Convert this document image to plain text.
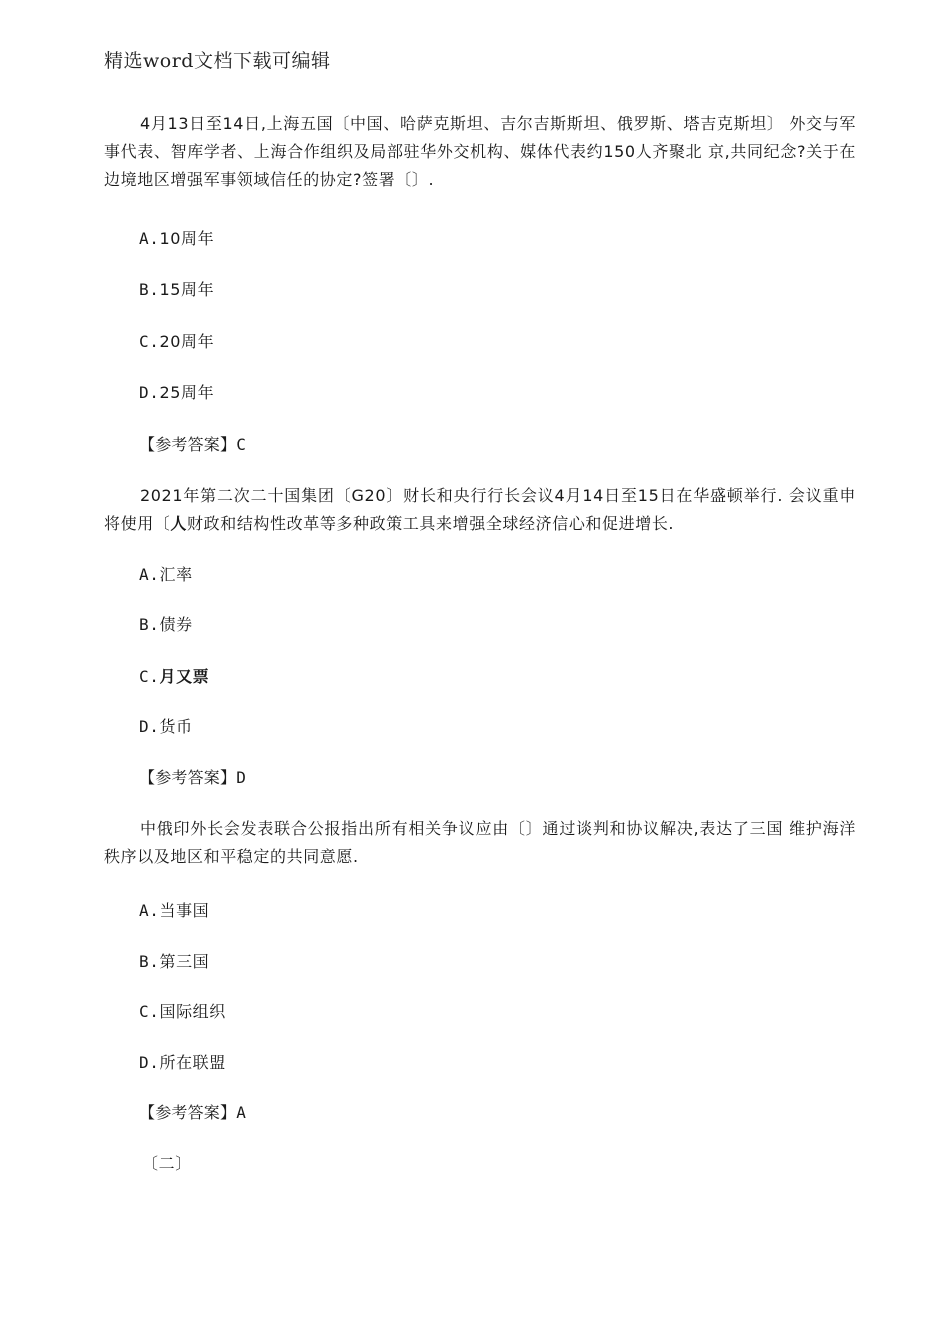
精选word文档下载可编辑
4月13日至14日,上海五国〔中国、哈萨克斯坦、吉尔吉斯斯坦、俄罗斯、塔吉克斯坦〕 外交与军事代表、智库学者、上海合作组织及局部驻华外交机构、媒体代表约150人齐聚北 京,共同纪念?关于在边境地区增强军事领域信任的协定?签署〔〕.
A.10周年
B.15周年
C.20周年
D.25周年
【参考答案】C
2021年第二次二十国集团〔G20〕财长和央行行长会议4月14日至15日在华盛顿举行. 会议重申将使用〔人财政和结构性改革等多种政策工具来增强全球经济信心和促进增长.
A.汇率
B.债券
C.月又票
D.货币
【参考答案】D
中俄印外长会发表联合公报指出所有相关争议应由〔〕通过谈判和协议解决,表达了三国 维护海洋秩序以及地区和平稳定的共同意愿.
A.当事国
B.第三国
C.国际组织
D.所在联盟
【参考答案】A
〔二〕
